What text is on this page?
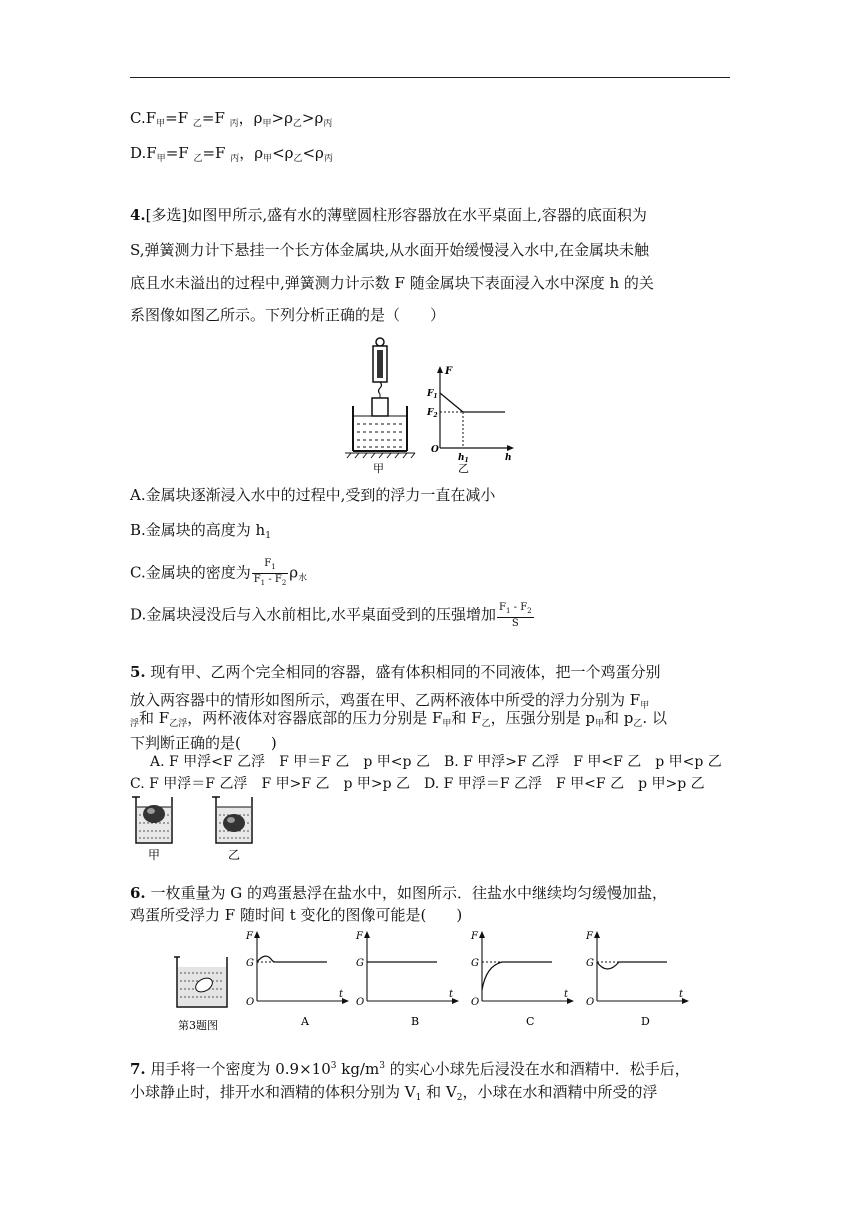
$C.F_甲=F$ $_乙$=F $_丙$，$\rho_甲>\rho_乙>\rho_丙$
$D.F_甲=F$ $_乙$=F $_丙$，$\rho_甲<\rho_乙<\rho_丙$
4.[多选]如图甲所示,盛有水的薄壁圆柱形容器放在水平桌面上,容器的底面积为
S,弹簧测力计下悬挂一个长方体金属块,从水面开始缓慢浸入水中,在金属块未触
底且水未溢出的过程中,弹簧测力计示数 F 随金属块下表面浸入水中深度 h 的关
系图像如图乙所示。下列分析正确的是（　　）
甲
F
$F_1$
$F_2$
O
$h_1$	h
乙
A.金属块逐渐浸入水中的过程中,受到的浮力一直在减小
B.金属块的高度为 $h_1$
C.金属块的密度为 $\frac{F_1}{F_1 - F_2} \rho_水$
D.金属块浸没后与入水前相比,水平桌面受到的压强增加 $\frac{F_1 - F_2}{S}$
5. 现有甲、乙两个完全相同的容器，盛有体积相同的不同液体，把一个鸡蛋分别
放入两容器中的情形如图所示，鸡蛋在甲、乙两杯液体中所受的浮力分别为 $F_甲$
$_浮$和 $F_{乙浮}$，两杯液体对容器底部的压力分别是 $F_甲$和 $F_乙$，压强分别是 $p_甲$和 $p_乙$. 以
下判断正确的是(　　)
A. F 甲浮<F 乙浮　F 甲＝F 乙　p 甲<p 乙　B. F 甲浮>F 乙浮　F 甲<F 乙　p 甲<p 乙
C. F 甲浮＝F 乙浮　F 甲>F 乙　p 甲>p 乙　D. F 甲浮＝F 乙浮　F 甲<F 乙　p 甲>p 乙
甲	乙
6. 一枚重量为 G 的鸡蛋悬浮在盐水中，如图所示．往盐水中继续均匀缓慢加盐，
鸡蛋所受浮力 F 随时间 t 变化的图像可能是(　　)
第3题图
F
G
O
t
A
F
G
O
t
B
F
G
O
t
C
F
G
O
t
D
7. 用手将一个密度为 $0.9\times 10^3$ $kg/m^3$ 的实心小球先后浸没在水和酒精中．松手后，
小球静止时，排开水和酒精的体积分别为 $V_1$ 和 $V_2$，小球在水和酒精中所受的浮
